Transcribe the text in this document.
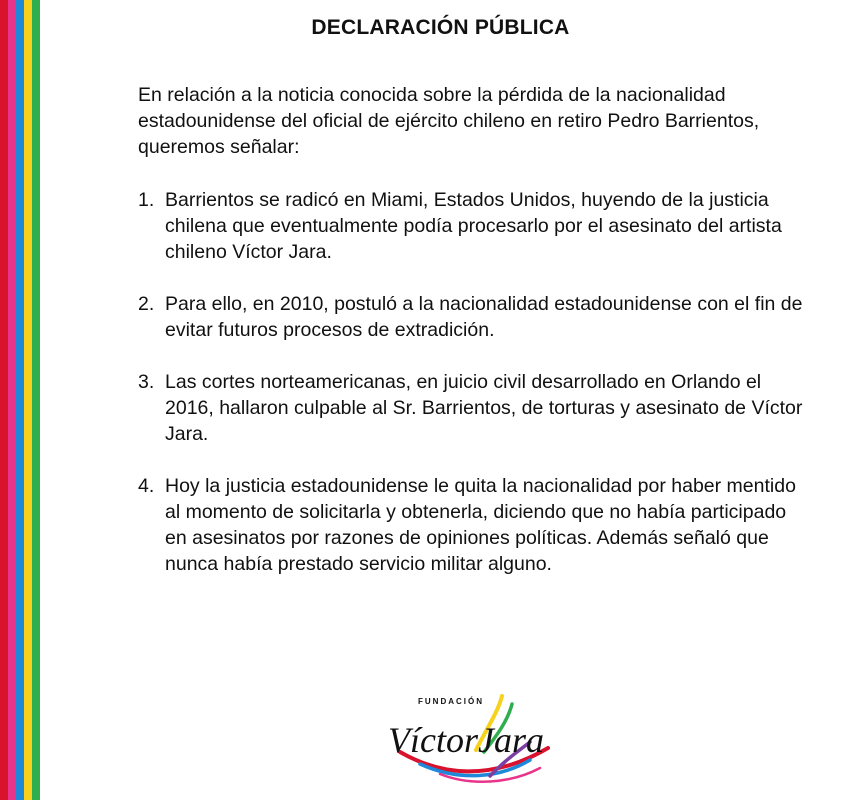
DECLARACIÓN PÚBLICA

En relación a la noticia conocida sobre la pérdida de la nacionalidad estadounidense del oficial de ejército chileno en retiro Pedro Barrientos, queremos señalar:

1. Barrientos se radicó en Miami, Estados Unidos, huyendo de la justicia chilena que eventualmente podía procesarlo por el asesinato del artista chileno Víctor Jara.
2. Para ello, en 2010, postuló a la nacionalidad estadounidense con el fin de evitar futuros procesos de extradición.
3. Las cortes norteamericanas, en juicio civil desarrollado en Orlando el 2016, hallaron culpable al Sr. Barrientos, de torturas y asesinato de Víctor Jara.
4. Hoy la justicia estadounidense le quita la nacionalidad por haber mentido al momento de solicitarla y obtenerla, diciendo que no había participado en asesinatos por razones de opiniones políticas. Además señaló que nunca había prestado servicio militar alguno.
FUNDACIÓN
VíctorJara
